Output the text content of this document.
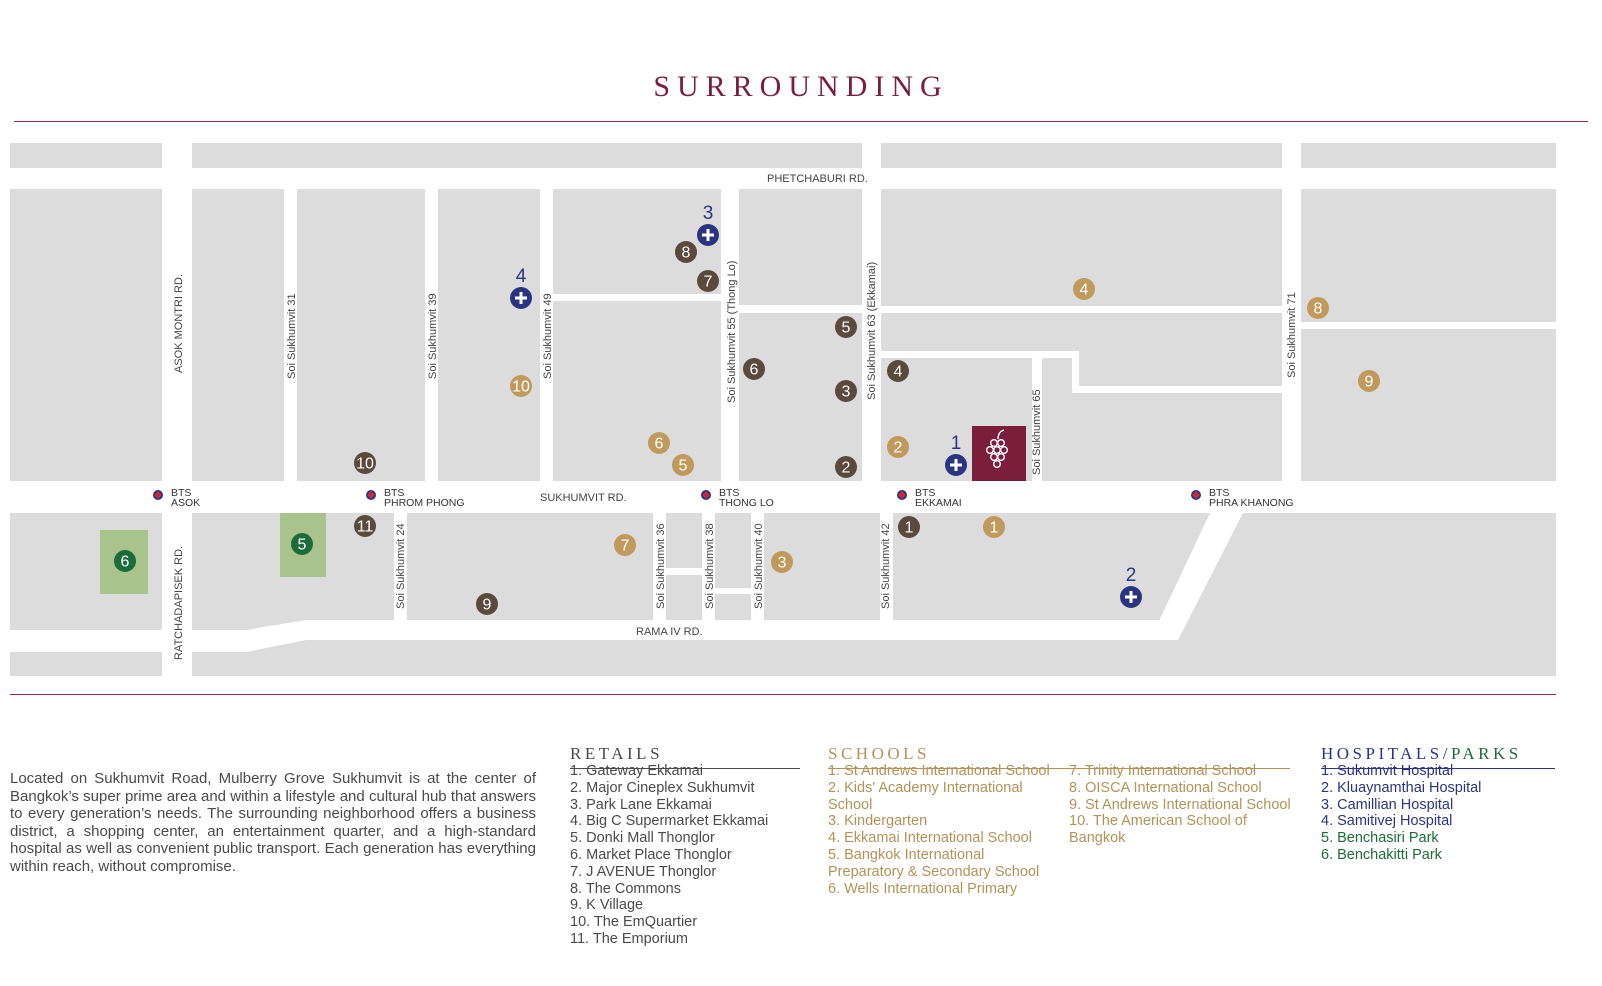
SURROUNDING
PHETCHABURI RD.
SUKHUMVIT RD.
RAMA IV RD.
ASOK MONTRI RD.
RATCHADAPISEK RD.
Soi Sukhumvit 31	Soi Sukhumvit 39	Soi Sukhumvit 49	Soi Sukhumvit 55 (Thong Lo)	Soi Sukhumvit 63 (Ekkamai)
Soi Sukhumvit 65
Soi Sukhumvit 71
Soi Sukhumvit 24	Soi Sukhumvit 36	Soi Sukhumvit 38	Soi Sukhumvit 40	Soi Sukhumvit 42
BTS
ASOK
BTS
PHROM PHONG
BTS
THONG LO
BTS
EKKAMAI
BTS
PHRA KHANONG
11
10
9
8
7
6
5
3
2
1
4
10
6
5
7
3
2
1
4
8
9
6
5
4
3
1
2

Located on Sukhumvit Road, Mulberry Grove Sukhumvit is at the center of Bangkok’s super prime area and within a lifestyle and cultural hub that answers to every generation’s needs. The surrounding neighborhood offers a business district, a shopping center, an entertainment quarter, and a high-standard hospital as well as convenient public transport. Each generation has everything within reach, without compromise.

RETAILS
1. Gateway Ekkamai
2. Major Cineplex Sukhumvit
3. Park Lane Ekkamai
4. Big C Supermarket Ekkamai
5. Donki Mall Thonglor
6. Market Place Thonglor
7. J AVENUE Thonglor
8. The Commons
9. K Village
10. The EmQuartier
11. The Emporium
SCHOOLS
1. St Andrews International School
2. Kids' Academy International School
3. Kindergarten
4. Ekkamai International School
5. Bangkok International Preparatory & Secondary School
6. Wells International Primary
7. Trinity International School
8. OISCA International School
9. St Andrews International School
10. The American School of Bangkok
HOSPITALS/PARKS
1. Sukumvit Hospital
2. Kluaynamthai Hospital
3. Camillian Hospital
4. Samitivej Hospital
5. Benchasiri Park
6. Benchakitti Park
